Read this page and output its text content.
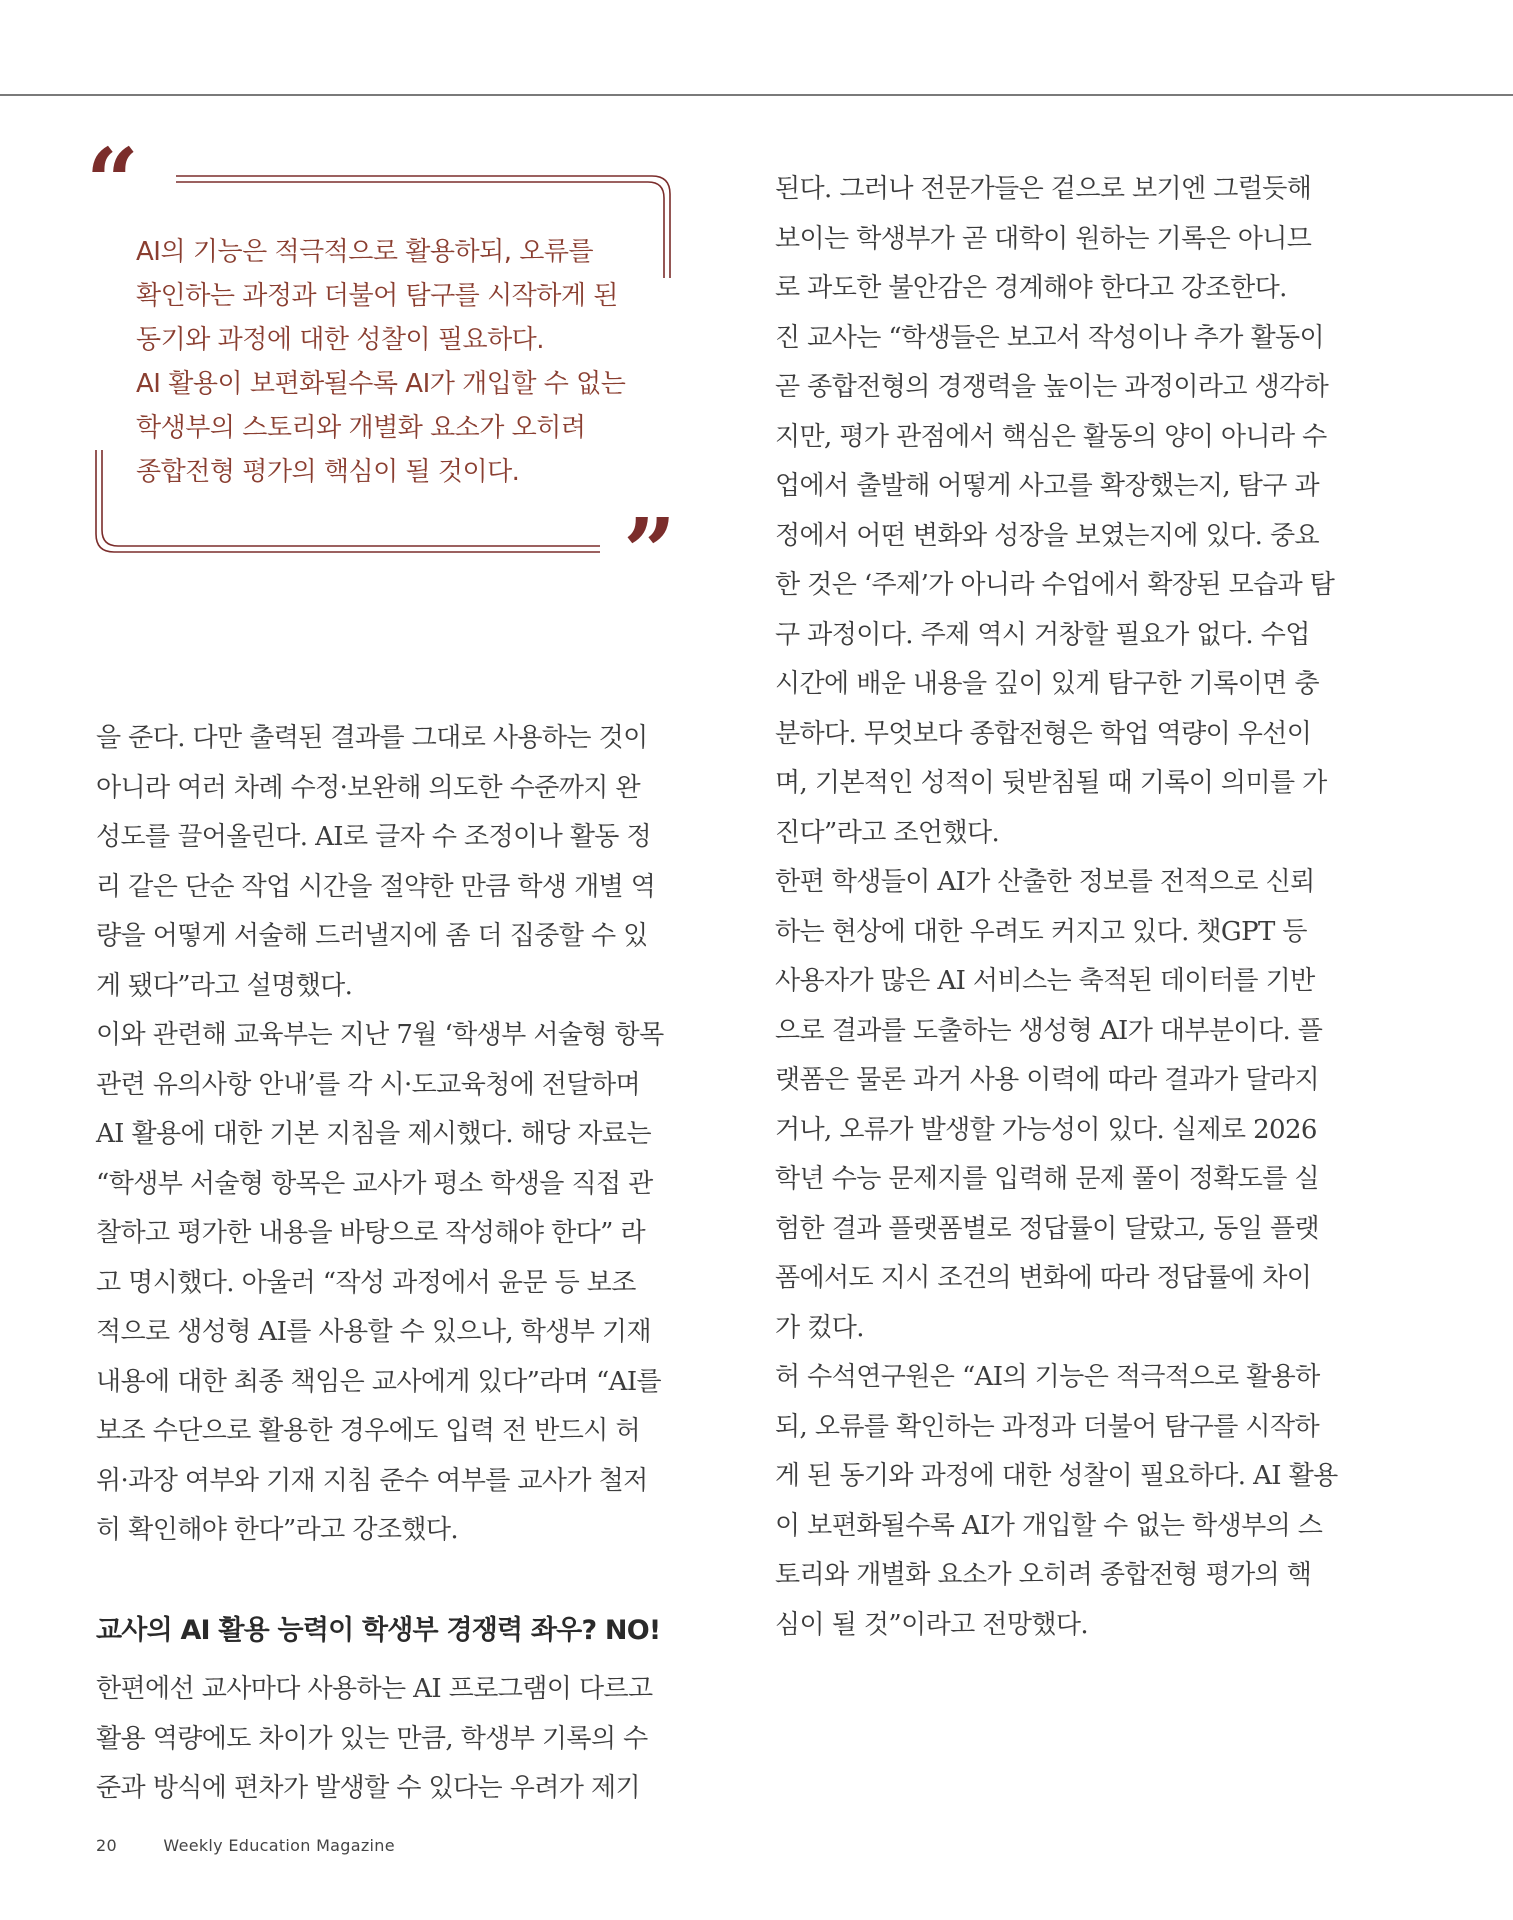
“
AI의 기능은 적극적으로 활용하되, 오류를
확인하는 과정과 더불어 탐구를 시작하게 된
동기와 과정에 대한 성찰이 필요하다.
AI 활용이 보편화될수록 AI가 개입할 수 없는
학생부의 스토리와 개별화 요소가 오히려
종합전형 평가의 핵심이 될 것이다.
”
을 준다. 다만 출력된 결과를 그대로 사용하는 것이
아니라 여러 차례 수정·보완해 의도한 수준까지 완
성도를 끌어올린다. AI로 글자 수 조정이나 활동 정
리 같은 단순 작업 시간을 절약한 만큼 학생 개별 역
량을 어떻게 서술해 드러낼지에 좀 더 집중할 수 있
게 됐다”라고 설명했다.
이와 관련해 교육부는 지난 7월 ‘학생부 서술형 항목
관련 유의사항 안내’를 각 시·도교육청에 전달하며
AI 활용에 대한 기본 지침을 제시했다. 해당 자료는
“학생부 서술형 항목은 교사가 평소 학생을 직접 관
찰하고 평가한 내용을 바탕으로 작성해야 한다” 라
고 명시했다. 아울러 “작성 과정에서 윤문 등 보조
적으로 생성형 AI를 사용할 수 있으나, 학생부 기재
내용에 대한 최종 책임은 교사에게 있다”라며 “AI를
보조 수단으로 활용한 경우에도 입력 전 반드시 허
위·과장 여부와 기재 지침 준수 여부를 교사가 철저
히 확인해야 한다”라고 강조했다.
교사의 AI 활용 능력이 학생부 경쟁력 좌우? NO!
한편에선 교사마다 사용하는 AI 프로그램이 다르고
활용 역량에도 차이가 있는 만큼, 학생부 기록의 수
준과 방식에 편차가 발생할 수 있다는 우려가 제기
된다. 그러나 전문가들은 겉으로 보기엔 그럴듯해
보이는 학생부가 곧 대학이 원하는 기록은 아니므
로 과도한 불안감은 경계해야 한다고 강조한다.
진 교사는 “학생들은 보고서 작성이나 추가 활동이
곧 종합전형의 경쟁력을 높이는 과정이라고 생각하
지만, 평가 관점에서 핵심은 활동의 양이 아니라 수
업에서 출발해 어떻게 사고를 확장했는지, 탐구 과
정에서 어떤 변화와 성장을 보였는지에 있다. 중요
한 것은 ‘주제’가 아니라 수업에서 확장된 모습과 탐
구 과정이다. 주제 역시 거창할 필요가 없다. 수업
시간에 배운 내용을 깊이 있게 탐구한 기록이면 충
분하다. 무엇보다 종합전형은 학업 역량이 우선이
며, 기본적인 성적이 뒷받침될 때 기록이 의미를 가
진다”라고 조언했다.
한편 학생들이 AI가 산출한 정보를 전적으로 신뢰
하는 현상에 대한 우려도 커지고 있다. 챗GPT 등
사용자가 많은 AI 서비스는 축적된 데이터를 기반
으로 결과를 도출하는 생성형 AI가 대부분이다. 플
랫폼은 물론 과거 사용 이력에 따라 결과가 달라지
거나, 오류가 발생할 가능성이 있다. 실제로 2026
학년 수능 문제지를 입력해 문제 풀이 정확도를 실
험한 결과 플랫폼별로 정답률이 달랐고, 동일 플랫
폼에서도 지시 조건의 변화에 따라 정답률에 차이
가 컸다.
허 수석연구원은 “AI의 기능은 적극적으로 활용하
되, 오류를 확인하는 과정과 더불어 탐구를 시작하
게 된 동기와 과정에 대한 성찰이 필요하다. AI 활용
이 보편화될수록 AI가 개입할 수 없는 학생부의 스
토리와 개별화 요소가 오히려 종합전형 평가의 핵
심이 될 것”이라고 전망했다.
20	Weekly Education Magazine
